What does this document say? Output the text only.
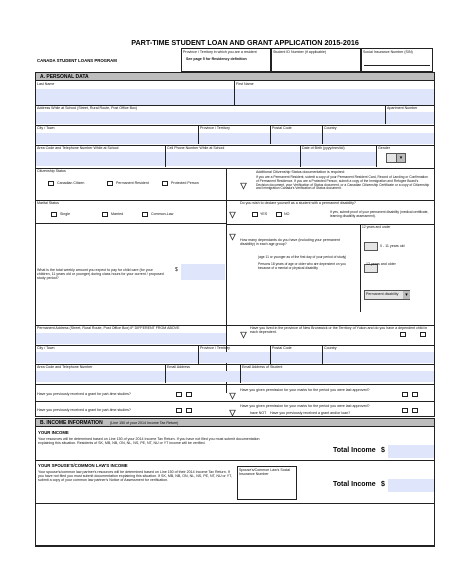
PART-TIME STUDENT LOAN AND GRANT APPLICATION 2015-2016
CANADA STUDENT LOANS PROGRAM
Province / Territory in which you are a resident
See page 5 for Residency definition
Student ID Number (if applicable)	Social Insurance Number (SIN)
A. PERSONAL DATA
Last Name	First Name
Address While at School (Street, Rural Route, Post Office Box)	Apartment Number
City / Town	Province / Territory	Postal Code	Country
Area Code and Telephone Number While at School	Cell Phone Number While at School	Date of Birth (yyyy/mm/dd)	Gender
▾
Citizenship Status
Canadian Citizen	Permanent Resident	Protected Person
Additional Citizenship Status documentation is required:
If you are a Permanent Resident, submit a copy of your Permanent Resident Card, Record of Landing or Confirmation of Permanent Residence. If you are a Protected Person, submit a copy of the Immigration and Refugee Board's Decision document, your Verification of Status document, or a Canadian Citizenship Certificate or a copy of Citizenship and Immigration Canada's Verification of Status document.
Marital Status
Single	Married	Common-Law
Do you wish to declare yourself as a student with a permanent disability?
YES	NO	If yes, submit proof of your permanent disability (medical certificate, learning disability assessment).
How many dependants do you have (including your permanent disability) in each age group?	0 - 11 years old
12 years and older
Permanent disability	▾
12 years and under
(age 11 or younger as of the first day of your period of study)
Persons 18 years of age or older who are dependent on you because of a mental or physical disability
What is the total weekly amount you expect to pay for child care (for your children, 11 years old or younger) during class hours for your current / proposed study period?
$
Permanent Address (Street, Rural Route, Post Office Box) IF DIFFERENT FROM ABOVE	Have you lived in the province of New Brunswick or the Territory of Yukon and do you have a dependent child in each dependent.
City / Town	Province / Territory	Postal Code	Country
Area Code and Telephone Number	Email Address	Email Address of Student
Have you previously received a grant for part-time studies?
Have you given permission for your marks for the period you were last approved?
Have you previously received a grant for part-time studies?
Have you given permission for your marks for the period you were last approved?
have NOT Have you previously received a grant and/or loan?
B. INCOME INFORMATION (Line 150 of your 2014 Income Tax Return)
YOUR INCOME
Your resources will be determined based on Line 150 of your 2014 Income Tax Return. If you have not filed you must submit documentation explaining this situation. Residents of SK, MB, NB, ON, NL, NS, PE, NT, NU or YT income will be verified.
Total Income $
YOUR SPOUSE'S/COMMON LAW'S INCOME
Your spouse's/common law partner's resources will be determined based on Line 150 of their 2014 Income Tax Return. If you have not filed you must submit documentation explaining this situation. If SK, MB, NB, ON, NL, NS, PE, NT, NU or YT, submit a copy of your common law partner's Notice of Assessment for verification.
Spouse's/Common Law's Social Insurance Number
Total Income $
